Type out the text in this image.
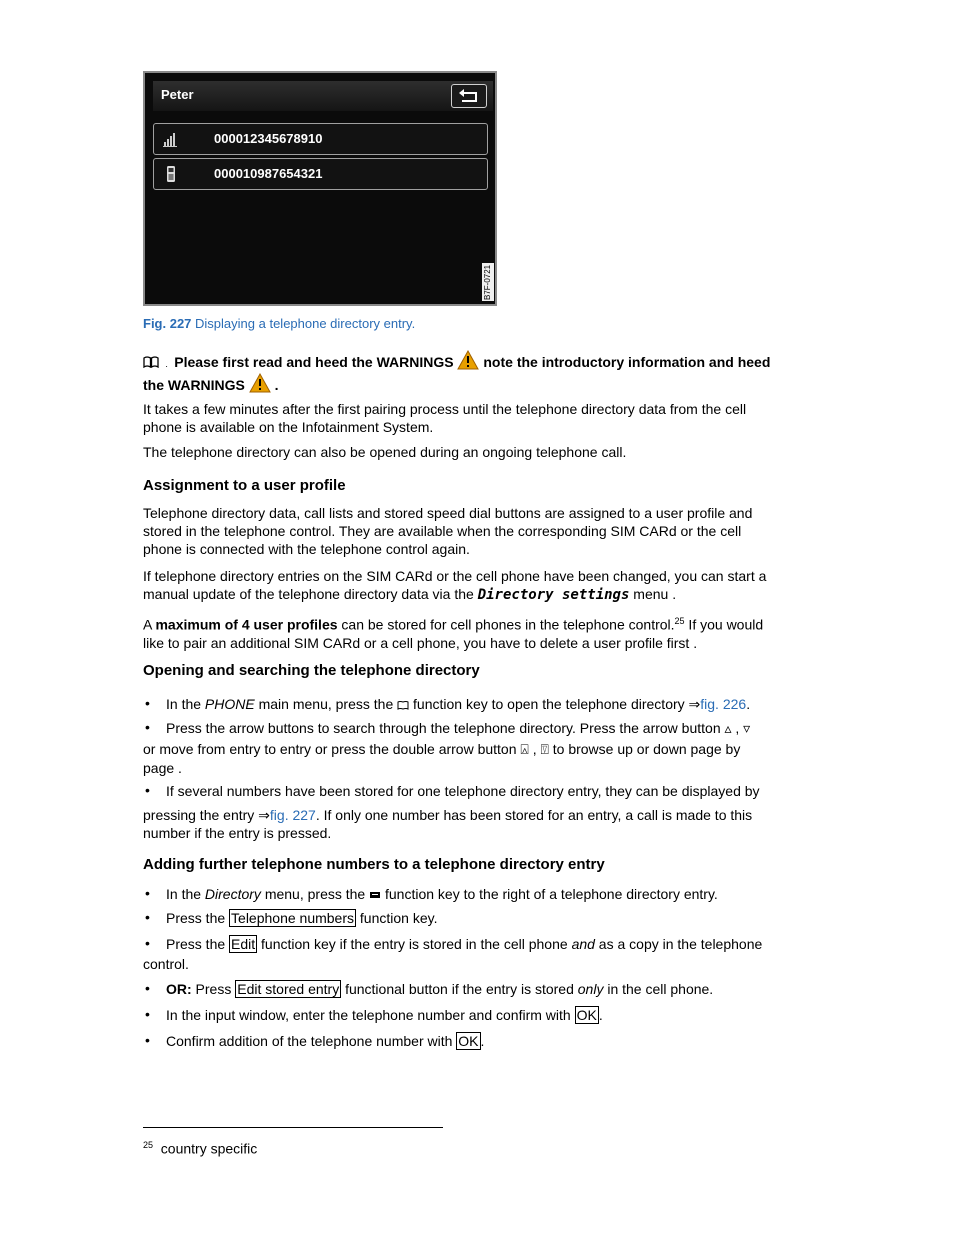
Peter
000012345678910
000010987654321
B7F-0721
Fig. 227 Displaying a telephone directory entry.
.  Please first read and heed the WARNINGS note the introductory information and heed
the WARNINGS .

It takes a few minutes after the first pairing process until the telephone directory data from the cell

phone is available on the Infotainment System.

The telephone directory can also be opened during an ongoing telephone call.

Assignment to a user profile

Telephone directory data, call lists and stored speed dial buttons are assigned to a user profile and

stored in the telephone control. They are available when the corresponding SIM CARd or the cell

phone is connected with the telephone control again.

If telephone directory entries on the SIM CARd or the cell phone have been changed, you can start a

manual update of the telephone directory data via the Directory settings menu .

A maximum of 4 user profiles can be stored for cell phones in the telephone control.$^{25}$ If you would

like to pair an additional SIM CARd or a cell phone, you have to delete a user profile first .

Opening and searching the telephone directory
• In the PHONE main menu, press the  function key to open the telephone directory ⇒fig. 226.

• Press the arrow buttons to search through the telephone directory. Press the arrow button ▵ , ▿

or move from entry to entry or press the double arrow button ⍓ , ⍔ to browse up or down page by

page .

• If several numbers have been stored for one telephone directory entry, they can be displayed by

pressing the entry ⇒fig. 227. If only one number has been stored for an entry, a call is made to this

number if the entry is pressed.

Adding further telephone numbers to a telephone directory entry
• In the Directory menu, press the  function key to the right of a telephone directory entry.

• Press the Telephone numbers function key.

• Press the Edit function key if the entry is stored in the cell phone and as a copy in the telephone

control.

• OR: Press Edit stored entry functional button if the entry is stored only in the cell phone.

• In the input window, enter the telephone number and confirm with OK .

• Confirm addition of the telephone number with OK .

$^{25}$ country specific
